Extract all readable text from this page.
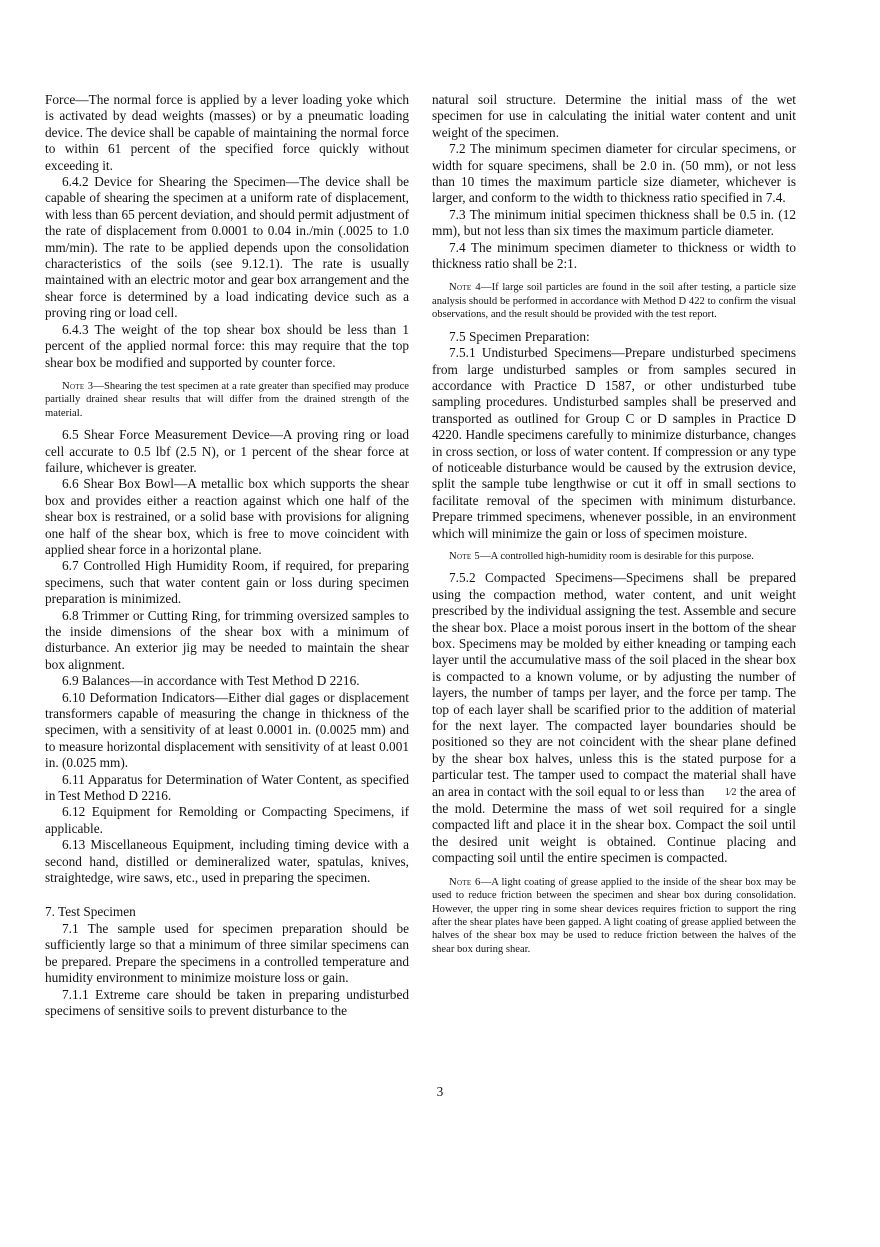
Force—The normal force is applied by a lever loading yoke which is activated by dead weights (masses) or by a pneumatic loading device. The device shall be capable of maintaining the normal force to within 61 percent of the specified force quickly without exceeding it.

6.4.2 Device for Shearing the Specimen—The device shall be capable of shearing the specimen at a uniform rate of displacement, with less than 65 percent deviation, and should permit adjustment of the rate of displacement from 0.0001 to 0.04 in./min (.0025 to 1.0 mm/min). The rate to be applied depends upon the consolidation characteristics of the soils (see 9.12.1). The rate is usually maintained with an electric motor and gear box arrangement and the shear force is determined by a load indicating device such as a proving ring or load cell.

6.4.3 The weight of the top shear box should be less than 1 percent of the applied normal force: this may require that the top shear box be modified and supported by counter force.

Note 3—Shearing the test specimen at a rate greater than specified may produce partially drained shear results that will differ from the drained strength of the material.

6.5 Shear Force Measurement Device—A proving ring or load cell accurate to 0.5 lbf (2.5 N), or 1 percent of the shear force at failure, whichever is greater.

6.6 Shear Box Bowl—A metallic box which supports the shear box and provides either a reaction against which one half of the shear box is restrained, or a solid base with provisions for aligning one half of the shear box, which is free to move coincident with applied shear force in a horizontal plane.

6.7 Controlled High Humidity Room, if required, for preparing specimens, such that water content gain or loss during specimen preparation is minimized.

6.8 Trimmer or Cutting Ring, for trimming oversized samples to the inside dimensions of the shear box with a minimum of disturbance. An exterior jig may be needed to maintain the shear box alignment.

6.9 Balances—in accordance with Test Method D 2216.

6.10 Deformation Indicators—Either dial gages or displacement transformers capable of measuring the change in thickness of the specimen, with a sensitivity of at least 0.0001 in. (0.0025 mm) and to measure horizontal displacement with sensitivity of at least 0.001 in. (0.025 mm).

6.11 Apparatus for Determination of Water Content, as specified in Test Method D 2216.

6.12 Equipment for Remolding or Compacting Specimens, if applicable.

6.13 Miscellaneous Equipment, including timing device with a second hand, distilled or demineralized water, spatulas, knives, straightedge, wire saws, etc., used in preparing the specimen.

7. Test Specimen

7.1 The sample used for specimen preparation should be sufficiently large so that a minimum of three similar specimens can be prepared. Prepare the specimens in a controlled temperature and humidity environment to minimize moisture loss or gain.

7.1.1 Extreme care should be taken in preparing undisturbed specimens of sensitive soils to prevent disturbance to the

natural soil structure. Determine the initial mass of the wet specimen for use in calculating the initial water content and unit weight of the specimen.

7.2 The minimum specimen diameter for circular specimens, or width for square specimens, shall be 2.0 in. (50 mm), or not less than 10 times the maximum particle size diameter, whichever is larger, and conform to the width to thickness ratio specified in 7.4.

7.3 The minimum initial specimen thickness shall be 0.5 in. (12 mm), but not less than six times the maximum particle diameter.

7.4 The minimum specimen diameter to thickness or width to thickness ratio shall be 2:1.

Note 4—If large soil particles are found in the soil after testing, a particle size analysis should be performed in accordance with Method D 422 to confirm the visual observations, and the result should be provided with the test report.

7.5 Specimen Preparation:

7.5.1 Undisturbed Specimens—Prepare undisturbed specimens from large undisturbed samples or from samples secured in accordance with Practice D 1587, or other undisturbed tube sampling procedures. Undisturbed samples shall be preserved and transported as outlined for Group C or D samples in Practice D 4220. Handle specimens carefully to minimize disturbance, changes in cross section, or loss of water content. If compression or any type of noticeable disturbance would be caused by the extrusion device, split the sample tube lengthwise or cut it off in small sections to facilitate removal of the specimen with minimum disturbance. Prepare trimmed specimens, whenever possible, in an environment which will minimize the gain or loss of specimen moisture.

Note 5—A controlled high-humidity room is desirable for this purpose.

7.5.2 Compacted Specimens—Specimens shall be prepared using the compaction method, water content, and unit weight prescribed by the individual assigning the test. Assemble and secure the shear box. Place a moist porous insert in the bottom of the shear box. Specimens may be molded by either kneading or tamping each layer until the accumulative mass of the soil placed in the shear box is compacted to a known volume, or by adjusting the number of layers, the number of tamps per layer, and the force per tamp. The top of each layer shall be scarified prior to the addition of material for the next layer. The compacted layer boundaries should be positioned so they are not coincident with the shear plane defined by the shear box halves, unless this is the stated purpose for a particular test. The tamper used to compact the material shall have an area in contact with the soil equal to or less than 1⁄2 the area of the mold. Determine the mass of wet soil required for a single compacted lift and place it in the shear box. Compact the soil until the desired unit weight is obtained. Continue placing and compacting soil until the entire specimen is compacted.

Note 6—A light coating of grease applied to the inside of the shear box may be used to reduce friction between the specimen and shear box during consolidation. However, the upper ring in some shear devices requires friction to support the ring after the shear plates have been gapped. A light coating of grease applied between the halves of the shear box may be used to reduce friction between the halves of the shear box during shear.

3
